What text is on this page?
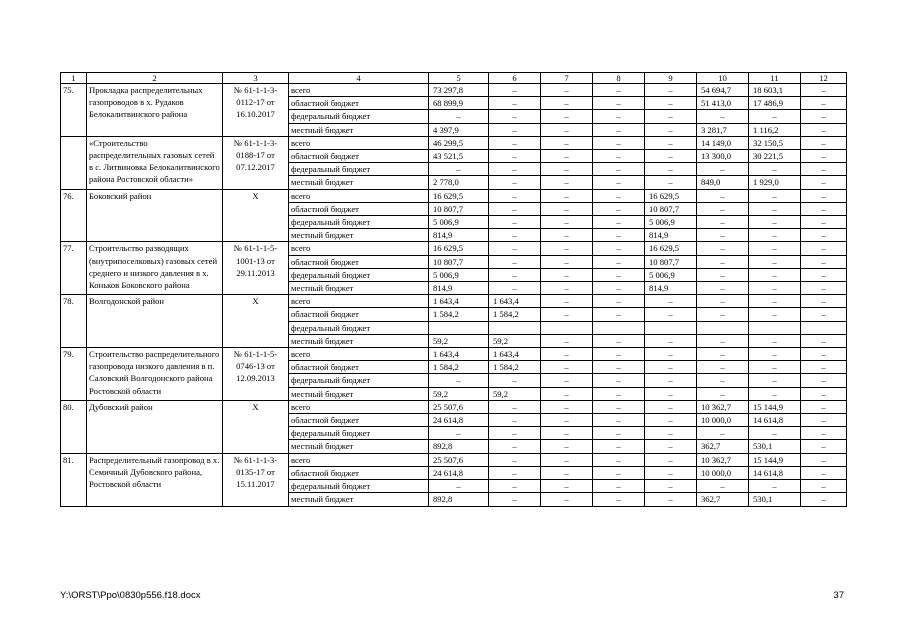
1	2	3	4	5	6	7	8	9	10	11	12
75.	Прокладка распределительных газопроводов в х. Рудаков Белокалитвинского района	№ 61-1-1-3-0112-17 от 16.10.2017	всего	73 297,8	–	–	–	–	54 694,7	18 603,1	–
			областной бюджет	68 899,9	–	–	–	–	51 413,0	17 486,9	–
			федеральный бюджет	–	–	–	–	–	–	–	–
			местный бюджет	4 397,9	–	–	–	–	3 281,7	1 116,2	–
	«Строительство распределительных газовых сетей в с. Литвиновка Белокалитвинского района Ростовской области»	№ 61-1-1-3-0188-17 от 07.12.2017	всего	46 299,5	–	–	–	–	14 149,0	32 150,5	–
			областной бюджет	43 521,5	–	–	–	–	13 300,0	30 221,5	–
			федеральный бюджет	–	–	–	–	–	–	–	–
			местный бюджет	2 778,0	–	–	–	–	849,0	1 929,0	–
76.	Боковский район	Х	всего	16 629,5	–	–	–	16 629,5	–	–	–
			областной бюджет	10 807,7	–	–	–	10 807,7	–	–	–
			федеральный бюджет	5 006,9	–	–	–	5 006,9	–	–	–
			местный бюджет	814,9	–	–	–	814,9	–	–	–
77.	Строительство разводящих (внутрипоселковых) газовых сетей среднего и низкого давления в х. Коньков Боковского района	№ 61-1-1-5-1001-13 от 29.11.2013	всего	16 629,5	–	–	–	16 629,5	–	–	–
			областной бюджет	10 807,7	–	–	–	10 807,7	–	–	–
			федеральный бюджет	5 006,9	–	–	–	5 006,9	–	–	–
			местный бюджет	814,9	–	–	–	814,9	–	–	–
78.	Волгодонской район	Х	всего	1 643,4	1 643,4	–	–	–	–	–	–
			областной бюджет	1 584,2	1 584,2	–	–	–	–	–	–
			федеральный бюджет								
			местный бюджет	59,2	59,2	–	–	–	–	–	–
79.	Строительство распределительного газопровода низкого давления в п. Саловский Волгодонского района Ростовской области	№ 61-1-1-5-0746-13 от 12.09.2013	всего	1 643,4	1 643,4	–	–	–	–	–	–
			областной бюджет	1 584,2	1 584,2	–	–	–	–	–	–
			федеральный бюджет	–	–	–	–	–	–	–	–
			местный бюджет	59,2	59,2	–	–	–	–	–	–
80.	Дубовский район	Х	всего	25 507,6	–	–	–	–	10 362,7	15 144,9	–
			областной бюджет	24 614,8	–	–	–	–	10 000,0	14 614,8	–
			федеральный бюджет	–	–	–	–	–	–	–	–
			местный бюджет	892,8	–	–	–	–	362,7	530,1	–
81.	Распределительный газопровод в х. Семичный Дубовского района, Ростовской области	№ 61-1-1-3-0135-17 от 15.11.2017	всего	25 507,6	–	–	–	–	10 362,7	15 144,9	–
			областной бюджет	24 614,8	–	–	–	–	10 000,0	14 614,8	–
			федеральный бюджет	–	–	–	–	–	–	–	–
			местный бюджет	892,8	–	–	–	–	362,7	530,1	–
Y:\ORST\Ppo\0830p556.f18.docx	37
